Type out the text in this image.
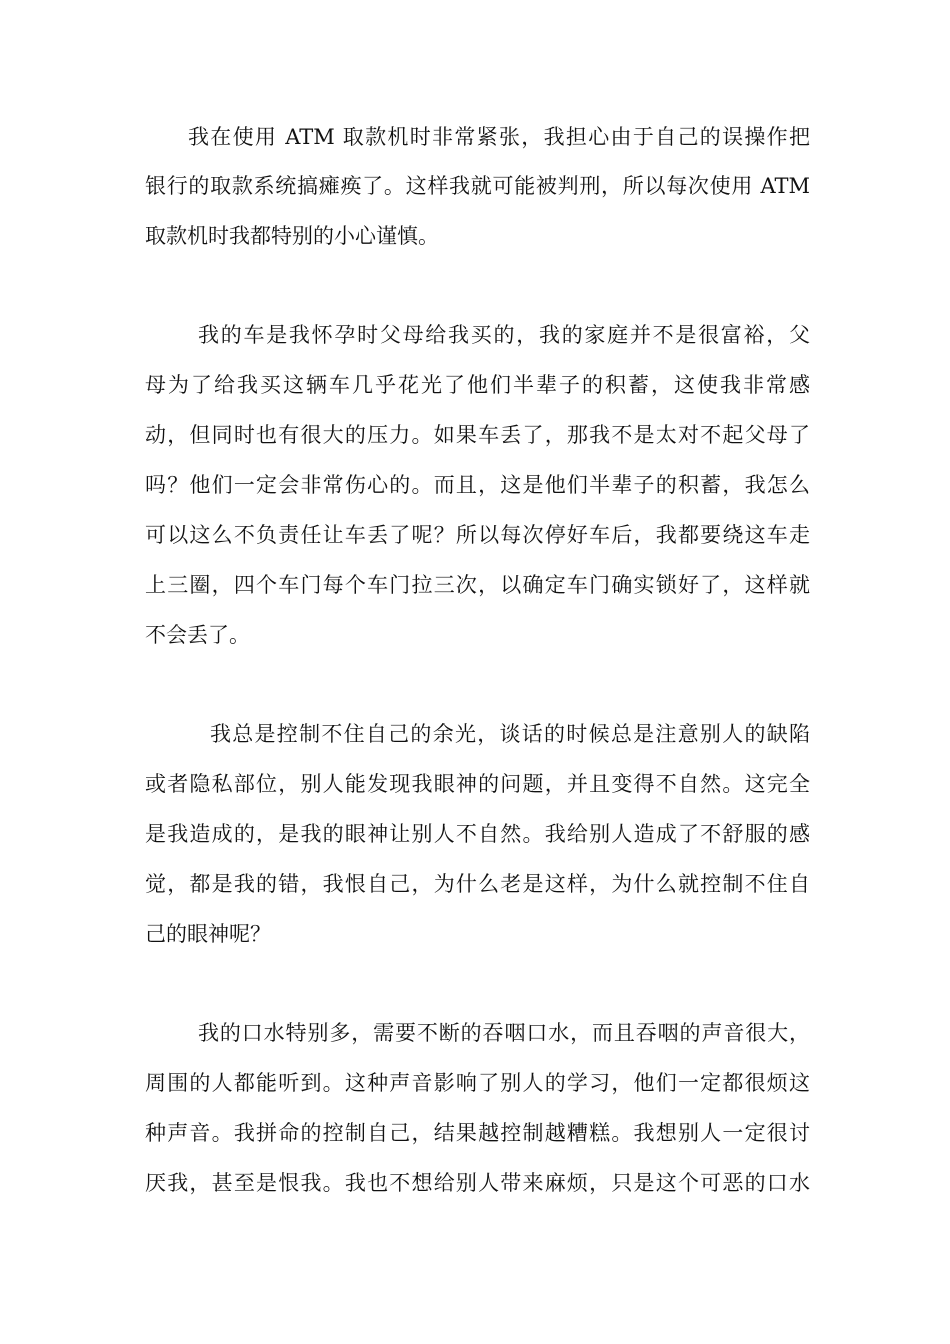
我在使用 ATM 取款机时非常紧张，我担心由于自己的误操作把
银行的取款系统搞瘫痪了。这样我就可能被判刑，所以每次使用 ATM
取款机时我都特别的小心谨慎。
我的车是我怀孕时父母给我买的，我的家庭并不是很富裕，父
母为了给我买这辆车几乎花光了他们半辈子的积蓄，这使我非常感
动，但同时也有很大的压力。如果车丢了，那我不是太对不起父母了
吗？他们一定会非常伤心的。而且，这是他们半辈子的积蓄，我怎么
可以这么不负责任让车丢了呢？所以每次停好车后，我都要绕这车走
上三圈，四个车门每个车门拉三次，以确定车门确实锁好了，这样就
不会丢了。
我总是控制不住自己的余光，谈话的时候总是注意别人的缺陷
或者隐私部位，别人能发现我眼神的问题，并且变得不自然。这完全
是我造成的，是我的眼神让别人不自然。我给别人造成了不舒服的感
觉，都是我的错，我恨自己，为什么老是这样，为什么就控制不住自
己的眼神呢？
我的口水特别多，需要不断的吞咽口水，而且吞咽的声音很大，
周围的人都能听到。这种声音影响了别人的学习，他们一定都很烦这
种声音。我拼命的控制自己，结果越控制越糟糕。我想别人一定很讨
厌我，甚至是恨我。我也不想给别人带来麻烦，只是这个可恶的口水
